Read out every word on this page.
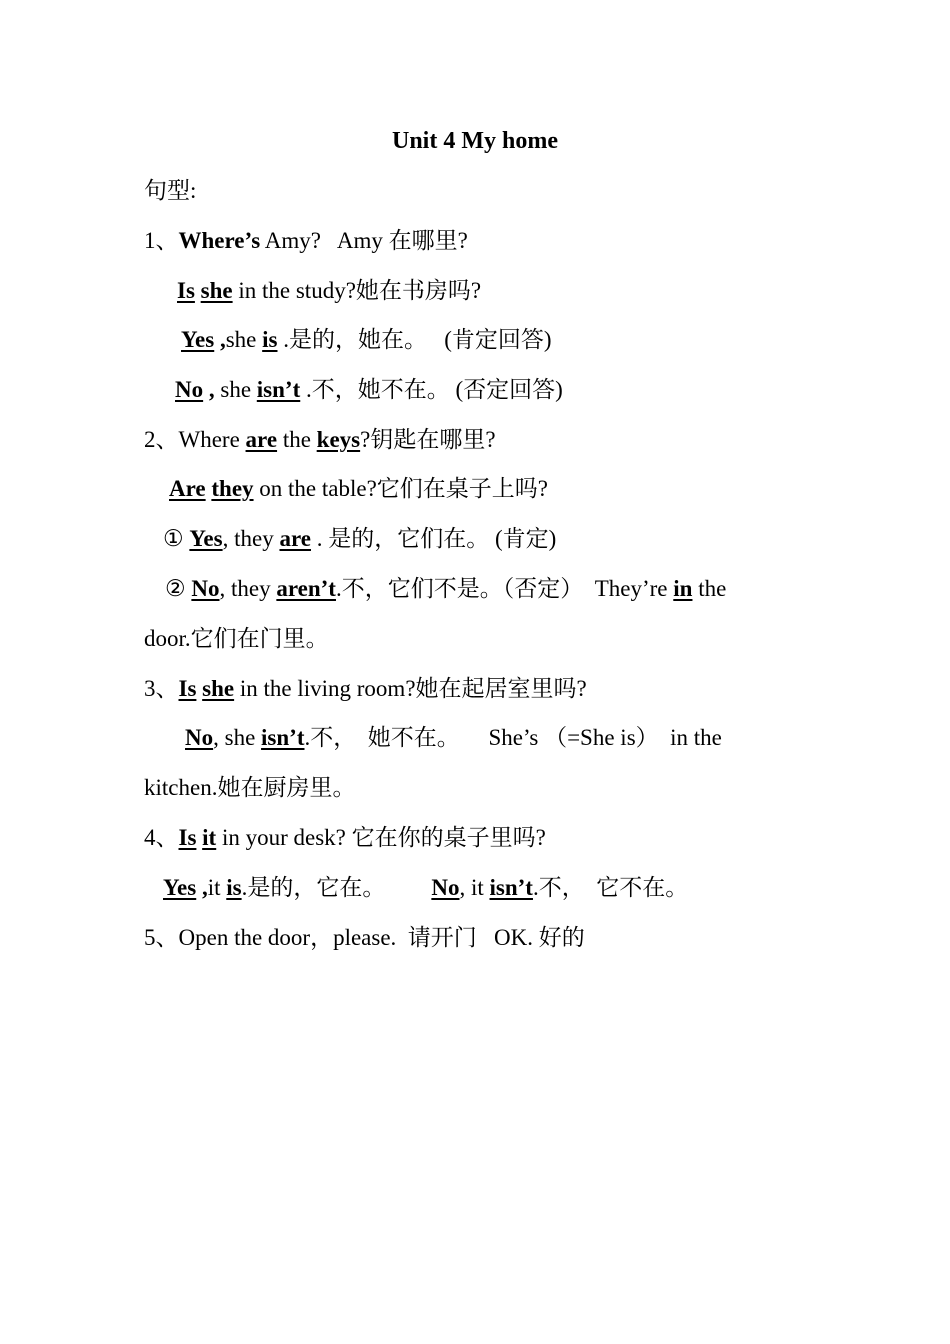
Unit 4 My home
句型:
1、Where’s Amy?   Amy 在哪里?
Is she in the study?她在书房吗?
Yes ,she is .是的，她在。   (肯定回答)
No , she isn’t .不，她不在。 (否定回答)
2、Where are the keys?钥匙在哪里?
Are they on the table?它们在桌子上吗?
① Yes, they are . 是的，它们在。 (肯定)
② No, they aren’t.不，它们不是。（否定）  They’re in the
door.它们在门里。
3、Is she in the living room?她在起居室里吗?
No, she isn’t.不，  她不在。     She’s （=She is）  in the
kitchen.她在厨房里。
4、Is it in your desk? 它在你的桌子里吗?
Yes ,it is.是的，它在。        No, it isn’t.不，  它不在。
5、Open the door，please.  请开门   OK. 好的
